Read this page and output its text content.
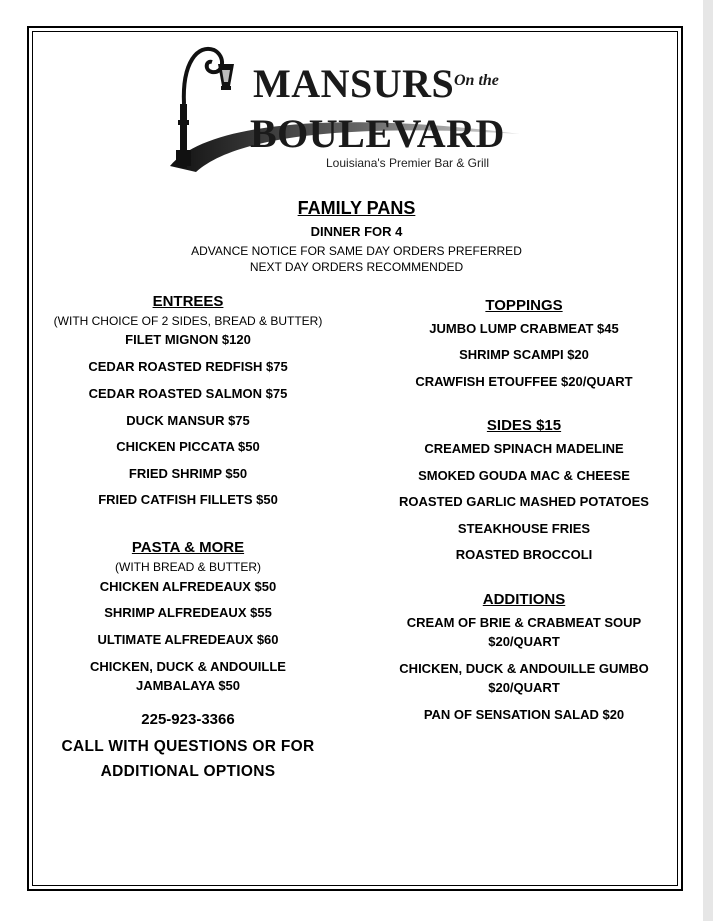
MANSURS On the
BOULEVARD
Louisiana's Premier Bar & Grill
FAMILY PANS
DINNER FOR 4
ADVANCE NOTICE FOR SAME DAY ORDERS PREFERRED
NEXT DAY ORDERS RECOMMENDED
ENTREES
(WITH CHOICE OF 2 SIDES, BREAD & BUTTER)
FILET MIGNON $120
CEDAR ROASTED REDFISH $75
CEDAR ROASTED SALMON $75
DUCK MANSUR $75
CHICKEN PICCATA $50
FRIED SHRIMP $50
FRIED CATFISH FILLETS $50
PASTA & MORE
(WITH BREAD & BUTTER)
CHICKEN ALFREDEAUX $50
SHRIMP ALFREDEAUX $55
ULTIMATE ALFREDEAUX $60
CHICKEN, DUCK & ANDOUILLE
JAMBALAYA $50
225-923-3366
CALL WITH QUESTIONS OR FOR
ADDITIONAL OPTIONS
TOPPINGS
JUMBO LUMP CRABMEAT $45
SHRIMP SCAMPI $20
CRAWFISH ETOUFFEE $20/QUART
SIDES $15
CREAMED SPINACH MADELINE
SMOKED GOUDA MAC & CHEESE
ROASTED GARLIC MASHED POTATOES
STEAKHOUSE FRIES
ROASTED BROCCOLI
ADDITIONS
CREAM OF BRIE & CRABMEAT SOUP
$20/QUART
CHICKEN, DUCK & ANDOUILLE GUMBO
$20/QUART
PAN OF SENSATION SALAD $20
